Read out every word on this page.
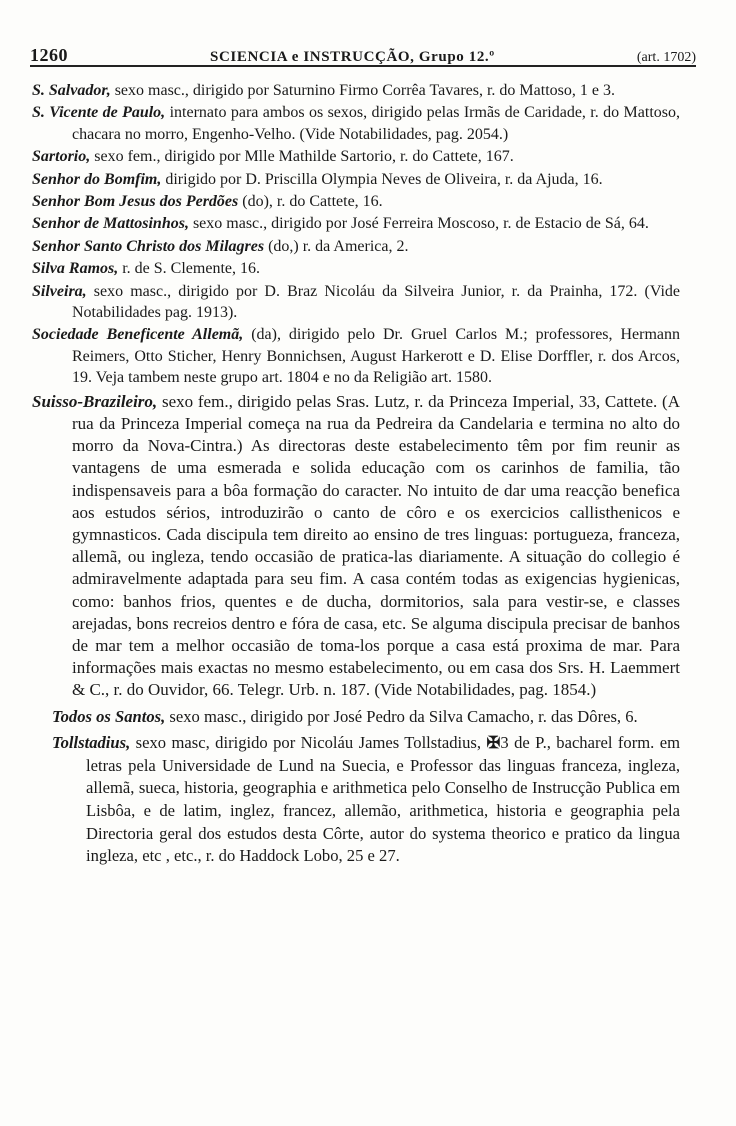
1260	SCIENCIA e INSTRUCÇÃO, Grupo 12.º	(art. 1702)

S. Salvador, sexo masc., dirigido por Saturnino Firmo Corrêa Tavares, r. do Mattoso, 1 e 3.

S. Vicente de Paulo, internato para ambos os sexos, dirigido pelas Irmãs de Caridade, r. do Mattoso, chacara no morro, Engenho-Velho. (Vide Notabilidades, pag. 2054.)

Sartorio, sexo fem., dirigido por Mlle Mathilde Sartorio, r. do Cattete, 167.

Senhor do Bomfim, dirigido por D. Priscilla Olympia Neves de Oliveira, r. da Ajuda, 16.

Senhor Bom Jesus dos Perdões (do), r. do Cattete, 16.

Senhor de Mattosinhos, sexo masc., dirigido por José Ferreira Moscoso, r. de Estacio de Sá, 64.

Senhor Santo Christo dos Milagres (do,) r. da America, 2.

Silva Ramos, r. de S. Clemente, 16.

Silveira, sexo masc., dirigido por D. Braz Nicoláu da Silveira Junior, r. da Prainha, 172. (Vide Notabilidades pag. 1913).

Sociedade Beneficente Allemã, (da), dirigido pelo Dr. Gruel Carlos M.; professores, Hermann Reimers, Otto Sticher, Henry Bonnichsen, August Harkerott e D. Elise Dorffler, r. dos Arcos, 19. Veja tambem neste grupo art. 1804 e no da Religião art. 1580.

Suisso-Brazileiro, sexo fem., dirigido pelas Sras. Lutz, r. da Princeza Imperial, 33, Cattete. (A rua da Princeza Imperial começa na rua da Pedreira da Candelaria e termina no alto do morro da Nova-Cintra.) As directoras deste estabelecimento têm por fim reunir as vantagens de uma esmerada e solida educação com os carinhos de familia, tão indispensaveis para a bôa formação do caracter. No intuito de dar uma reacção benefica aos estudos sérios, introduzirão o canto de côro e os exercicios callisthenicos e gymnasticos. Cada discipula tem direito ao ensino de tres linguas: portugueza, franceza, allemã, ou ingleza, tendo occasião de pratica-las diariamente. A situação do collegio é admiravelmente adaptada para seu fim. A casa contém todas as exigencias hygienicas, como: banhos frios, quentes e de ducha, dormitorios, sala para vestir-se, e classes arejadas, bons recreios dentro e fóra de casa, etc. Se alguma discipula precisar de banhos de mar tem a melhor occasião de toma-los porque a casa está proxima de mar. Para informações mais exactas no mesmo estabelecimento, ou em casa dos Srs. H. Laemmert & C., r. do Ouvidor, 66. Telegr. Urb. n. 187. (Vide Notabilidades, pag. 1854.)

Todos os Santos, sexo masc., dirigido por José Pedro da Silva Camacho, r. das Dôres, 6.

Tollstadius, sexo masc, dirigido por Nicoláu James Tollstadius, ✠3 de P., bacharel form. em letras pela Universidade de Lund na Suecia, e Professor das linguas franceza, ingleza, allemã, sueca, historia, geographia e arithmetica pelo Conselho de Instrucção Publica em Lisbôa, e de latim, inglez, francez, allemão, arithmetica, historia e geographia pela Directoria geral dos estudos desta Côrte, autor do systema theorico e pratico da lingua ingleza, etc , etc., r. do Haddock Lobo, 25 e 27.
